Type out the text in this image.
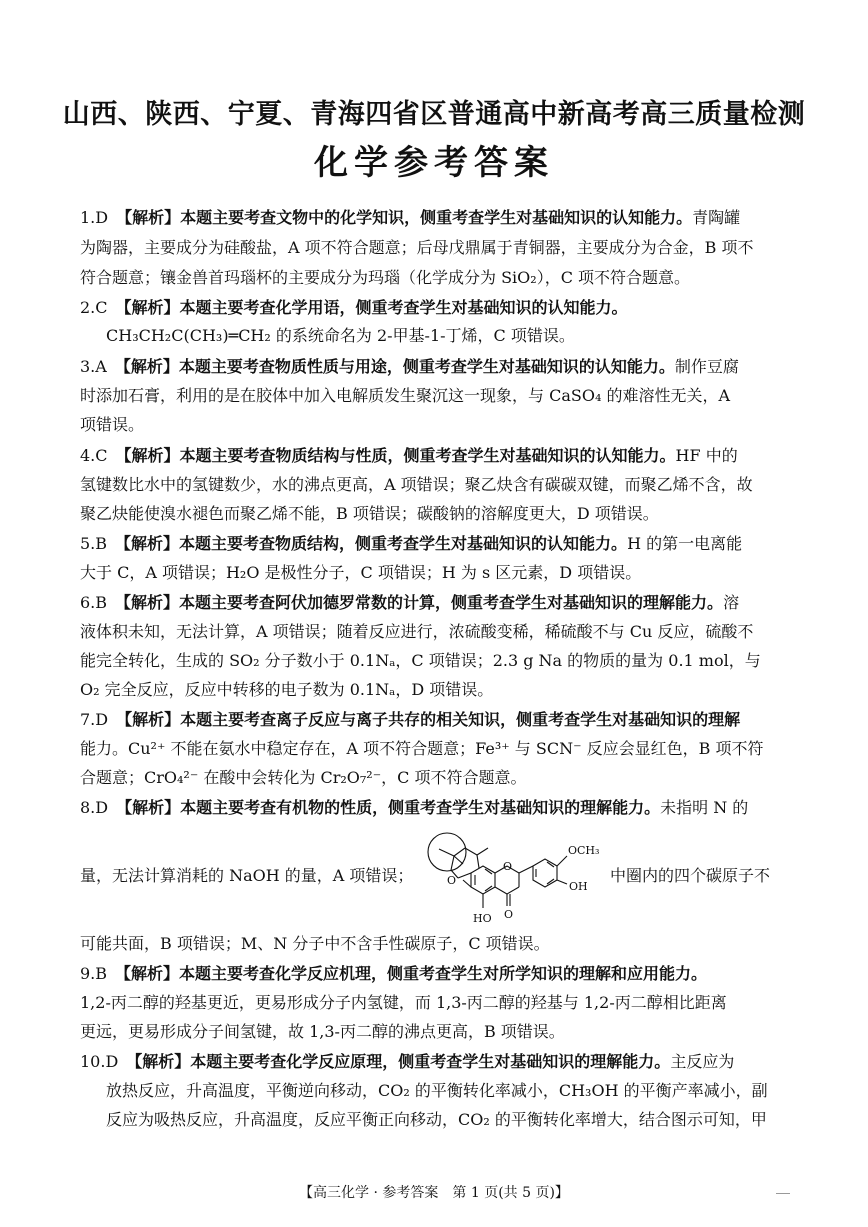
山西、陕西、宁夏、青海四省区普通高中新高考高三质量检测
化学参考答案
1.D 【解析】本题主要考查文物中的化学知识，侧重考查学生对基础知识的认知能力。青陶罐
为陶器，主要成分为硅酸盐，A 项不符合题意；后母戊鼎属于青铜器，主要成分为合金，B 项不
符合题意；镶金兽首玛瑙杯的主要成分为玛瑙（化学成分为 SiO₂），C 项不符合题意。
2.C 【解析】本题主要考查化学用语，侧重考查学生对基础知识的认知能力。
CH₃CH₂C(CH₃)═CH₂ 的系统命名为 2-甲基-1-丁烯，C 项错误。
3.A 【解析】本题主要考查物质性质与用途，侧重考查学生对基础知识的认知能力。制作豆腐
时添加石膏，利用的是在胶体中加入电解质发生聚沉这一现象，与 CaSO₄ 的难溶性无关，A
项错误。
4.C 【解析】本题主要考查物质结构与性质，侧重考查学生对基础知识的认知能力。HF 中的
氢键数比水中的氢键数少，水的沸点更高，A 项错误；聚乙炔含有碳碳双键，而聚乙烯不含，故
聚乙炔能使溴水褪色而聚乙烯不能，B 项错误；碳酸钠的溶解度更大，D 项错误。
5.B 【解析】本题主要考查物质结构，侧重考查学生对基础知识的认知能力。H 的第一电离能
大于 C，A 项错误；H₂O 是极性分子，C 项错误；H 为 s 区元素，D 项错误。
6.B 【解析】本题主要考查阿伏加德罗常数的计算，侧重考查学生对基础知识的理解能力。溶
液体积未知，无法计算，A 项错误；随着反应进行，浓硫酸变稀，稀硫酸不与 Cu 反应，硫酸不
能完全转化，生成的 SO₂ 分子数小于 0.1Nₐ，C 项错误；2.3 g Na 的物质的量为 0.1 mol，与
O₂ 完全反应，反应中转移的电子数为 0.1Nₐ，D 项错误。
7.D 【解析】本题主要考查离子反应与离子共存的相关知识，侧重考查学生对基础知识的理解
能力。Cu²⁺ 不能在氨水中稳定存在，A 项不符合题意；Fe³⁺ 与 SCN⁻ 反应会显红色，B 项不符
合题意；CrO₄²⁻ 在酸中会转化为 Cr₂O₇²⁻，C 项不符合题意。
8.D 【解析】本题主要考查有机物的性质，侧重考查学生对基础知识的理解能力。未指明 N 的
量，无法计算消耗的 NaOH 的量，A 项错误；	中圈内的四个碳原子不
可能共面，B 项错误；M、N 分子中不含手性碳原子，C 项错误。
OCH₃
OH
HO O
O
O
9.B 【解析】本题主要考查化学反应机理，侧重考查学生对所学知识的理解和应用能力。
1,2-丙二醇的羟基更近，更易形成分子内氢键，而 1,3-丙二醇的羟基与 1,2-丙二醇相比距离
更远，更易形成分子间氢键，故 1,3-丙二醇的沸点更高，B 项错误。
10.D 【解析】本题主要考查化学反应原理，侧重考查学生对基础知识的理解能力。主反应为
放热反应，升高温度，平衡逆向移动，CO₂ 的平衡转化率减小，CH₃OH 的平衡产率减小，副
反应为吸热反应，升高温度，反应平衡正向移动，CO₂ 的平衡转化率增大，结合图示可知，甲
【高三化学 · 参考答案　第 1 页(共 5 页)】
